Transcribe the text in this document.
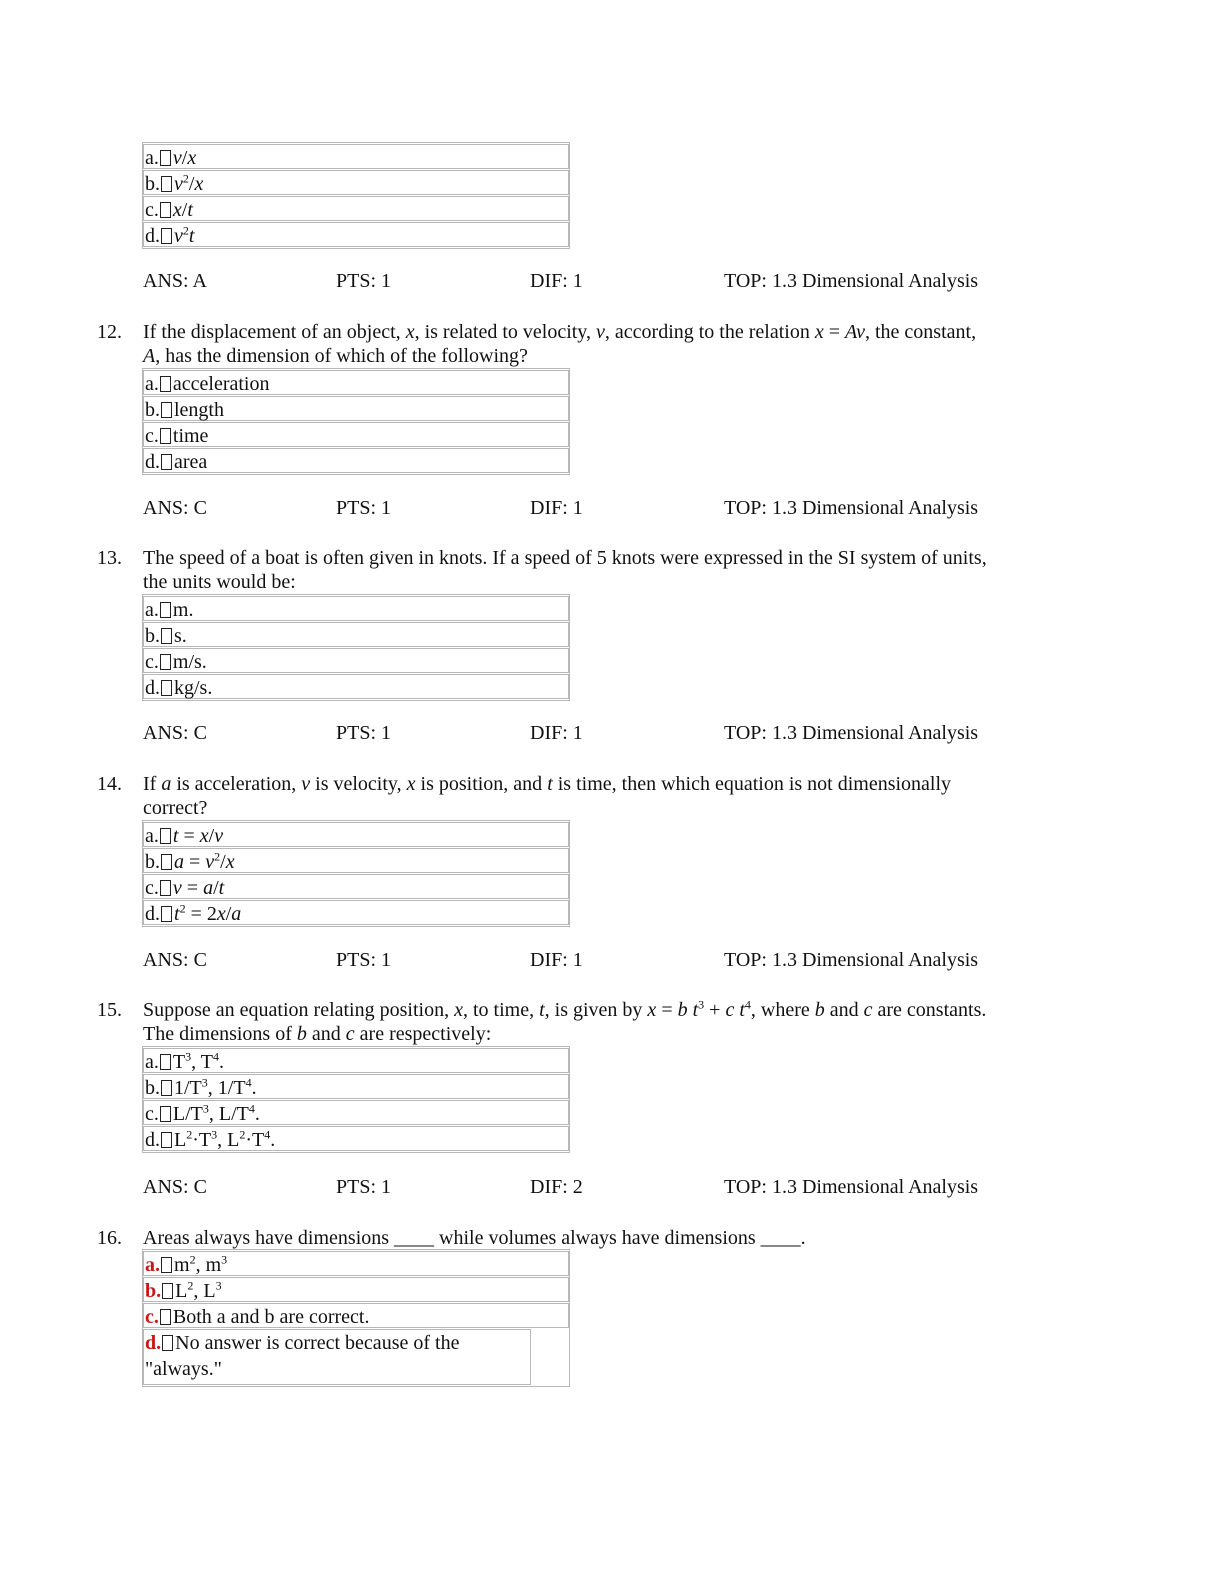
a. v/x
b. $v^2/x$
c. x/t
d. $v^2t$
ANS: A	PTS: 1	DIF: 1	TOP: 1.3 Dimensional Analysis
12. If the displacement of an object, x, is related to velocity, v, according to the relation x = Av, the constant,
A, has the dimension of which of the following?
a. acceleration
b. length
c. time
d. area
ANS: C	PTS: 1	DIF: 1	TOP: 1.3 Dimensional Analysis
13. The speed of a boat is often given in knots. If a speed of 5 knots were expressed in the SI system of units,
the units would be:
a. m.
b. s.
c. m/s.
d. kg/s.
ANS: C	PTS: 1	DIF: 1	TOP: 1.3 Dimensional Analysis
14. If a is acceleration, v is velocity, x is position, and t is time, then which equation is not dimensionally
correct?
a. t = x/v
b. $a = v^2/x$
c. v = a/t
d. $t^2 = 2x/a$
ANS: C	PTS: 1	DIF: 1	TOP: 1.3 Dimensional Analysis
15. Suppose an equation relating position, x, to time, t, is given by x = b $t^3 + c$ $t^4$, where b and c are constants.
The dimensions of b and c are respectively:
a. $T^3$, $T^4$.
b. $1/T^3$, $1/T^4$.
c. $L/T^3$, $L/T^4$.
d. $L^2\cdot T^3$, $L^2\cdot T^4$.
ANS: C	PTS: 1	DIF: 2	TOP: 1.3 Dimensional Analysis
16. Areas always have dimensions ____ while volumes always have dimensions ____.
a. $m^2$, $m^3$
b. $L^2$, $L^3$
c. Both a and b are correct.
d. No answer is correct because of the "always."
